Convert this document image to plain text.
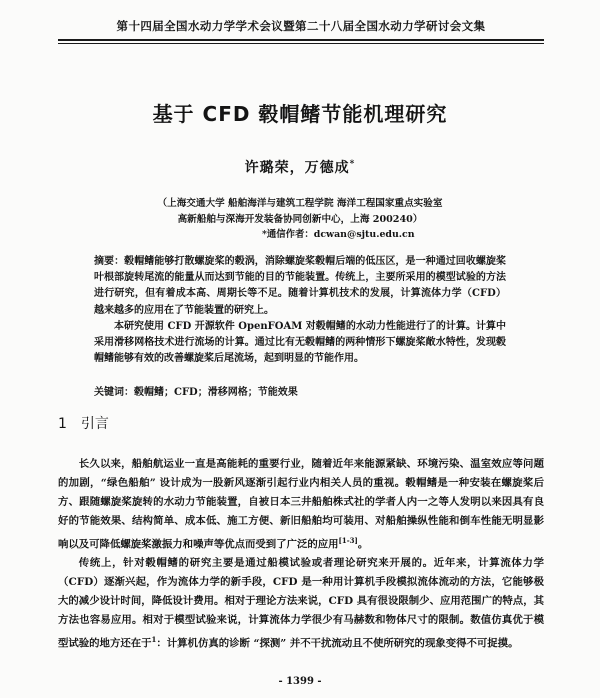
第十四届全国水动力学学术会议暨第二十八届全国水动力学研讨会文集
基于 CFD 毂帽鳍节能机理研究
许璐荣，万德成*
（上海交通大学 船舶海洋与建筑工程学院 海洋工程国家重点实验室
高新船舶与深海开发装备协同创新中心，上海 200240）
*通信作者：dcwan@sjtu.edu.cn

摘要：毂帽鳍能够打散螺旋桨的毂涡，消除螺旋桨毂帽后端的低压区，是一种通过回收螺旋桨叶根部旋转尾流的能量从而达到节能的目的节能装置。传统上，主要所采用的模型试验的方法进行研究，但有着成本高、周期长等不足。随着计算机技术的发展，计算流体力学（CFD）越来越多的应用在了节能装置的研究上。

本研究使用 CFD 开源软件 OpenFOAM 对毂帽鳍的水动力性能进行了的计算。计算中采用滑移网格技术进行流场的计算。通过比有无毂帽鳍的两种情形下螺旋桨敞水特性，发现毂帽鳍能够有效的改善螺旋桨后尾流场，起到明显的节能作用。

关键词：毂帽鳍；CFD；滑移网格；节能效果
1 引言

长久以来，船舶航运业一直是高能耗的重要行业，随着近年来能源紧缺、环境污染、温室效应等问题的加剧，“绿色船舶” 设计成为一股新风逐渐引起行业内相关人员的重视。毂帽鳍是一种安装在螺旋桨后方、跟随螺旋桨旋转的水动力节能装置，自被日本三井船舶株式社的学者人内一之等人发明以来因具有良好的节能效果、结构简单、成本低、施工方便、新旧船舶均可装用、对船舶操纵性能和倒车性能无明显影响以及可降低螺旋桨激振力和噪声等优点而受到了广泛的应用[1-3]。

传统上，针对毂帽鳍的研究主要是通过船模试验或者理论研究来开展的。近年来，计算流体力学（CFD）逐渐兴起，作为流体力学的新手段，CFD 是一种用计算机手段模拟流体流动的方法，它能够极大的减少设计时间，降低设计费用。相对于理论方法来说，CFD 具有很设限制少、应用范围广的特点，其方法也容易应用。相对于模型试验来说，计算流体力学很少有马赫数和物体尺寸的限制。数值仿真优于模型试验的地方还在于$^1$：计算机仿真的诊断 “探测” 并不干扰流动且不使所研究的现象变得不可捉摸。

- 1399 -
